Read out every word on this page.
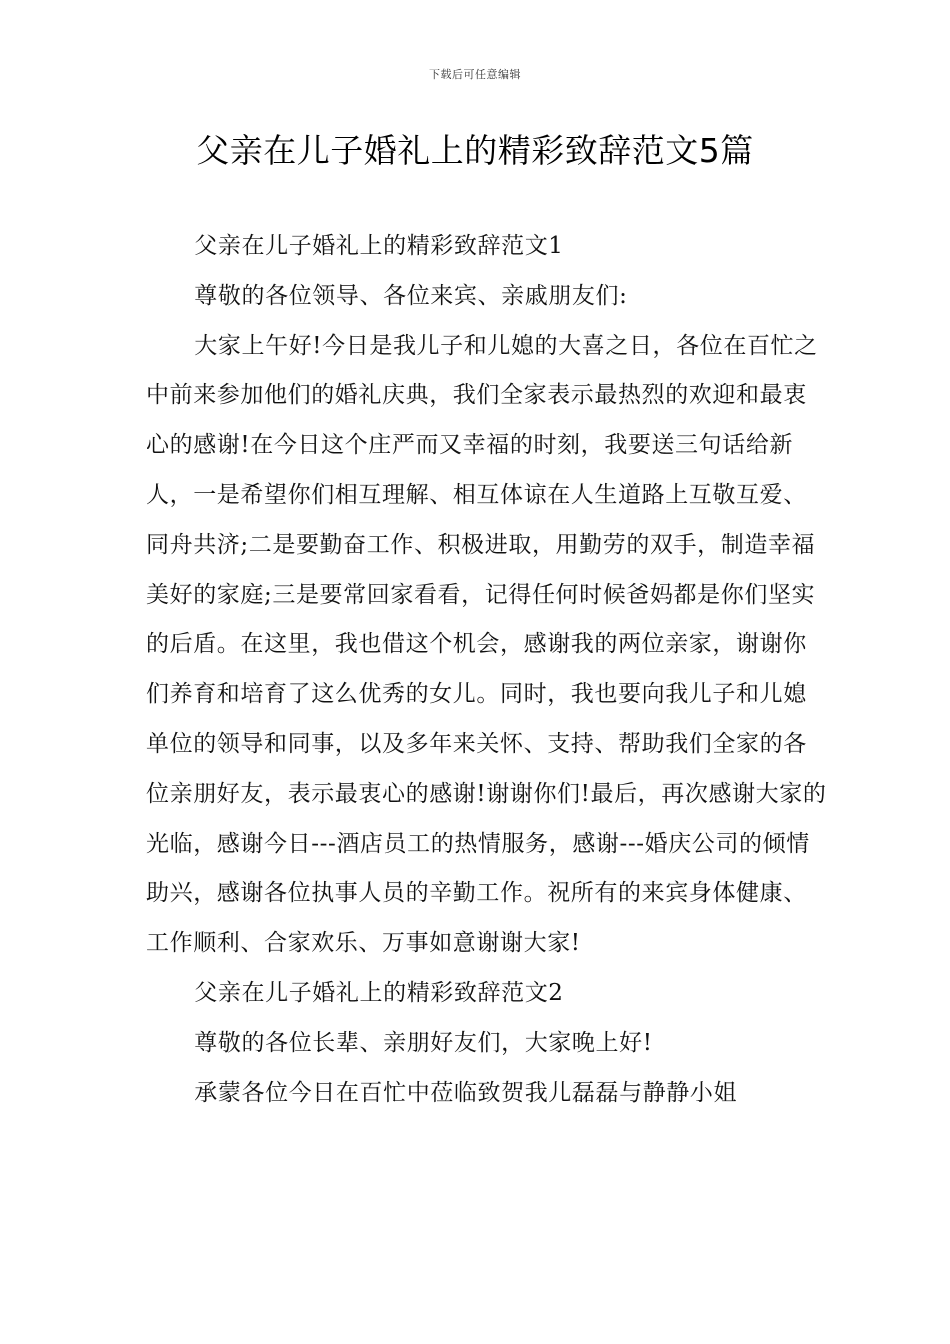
下载后可任意编辑
父亲在儿子婚礼上的精彩致辞范文5篇

父亲在儿子婚礼上的精彩致辞范文1

尊敬的各位领导、各位来宾、亲戚朋友们:

大家上午好!今日是我儿子和儿媳的大喜之日，各位在百忙之中前来参加他们的婚礼庆典，我们全家表示最热烈的欢迎和最衷心的感谢!在今日这个庄严而又幸福的时刻，我要送三句话给新人，一是希望你们相互理解、相互体谅在人生道路上互敬互爱、同舟共济;二是要勤奋工作、积极进取，用勤劳的双手，制造幸福美好的家庭;三是要常回家看看，记得任何时候爸妈都是你们坚实的后盾。在这里，我也借这个机会，感谢我的两位亲家，谢谢你们养育和培育了这么优秀的女儿。同时，我也要向我儿子和儿媳单位的领导和同事，以及多年来关怀、支持、帮助我们全家的各位亲朋好友，表示最衷心的感谢!谢谢你们!最后，再次感谢大家的光临，感谢今日---酒店员工的热情服务，感谢---婚庆公司的倾情助兴，感谢各位执事人员的辛勤工作。祝所有的来宾身体健康、工作顺利、合家欢乐、万事如意谢谢大家!

父亲在儿子婚礼上的精彩致辞范文2

尊敬的各位长辈、亲朋好友们，大家晚上好!

承蒙各位今日在百忙中莅临致贺我儿磊磊与静静小姐
